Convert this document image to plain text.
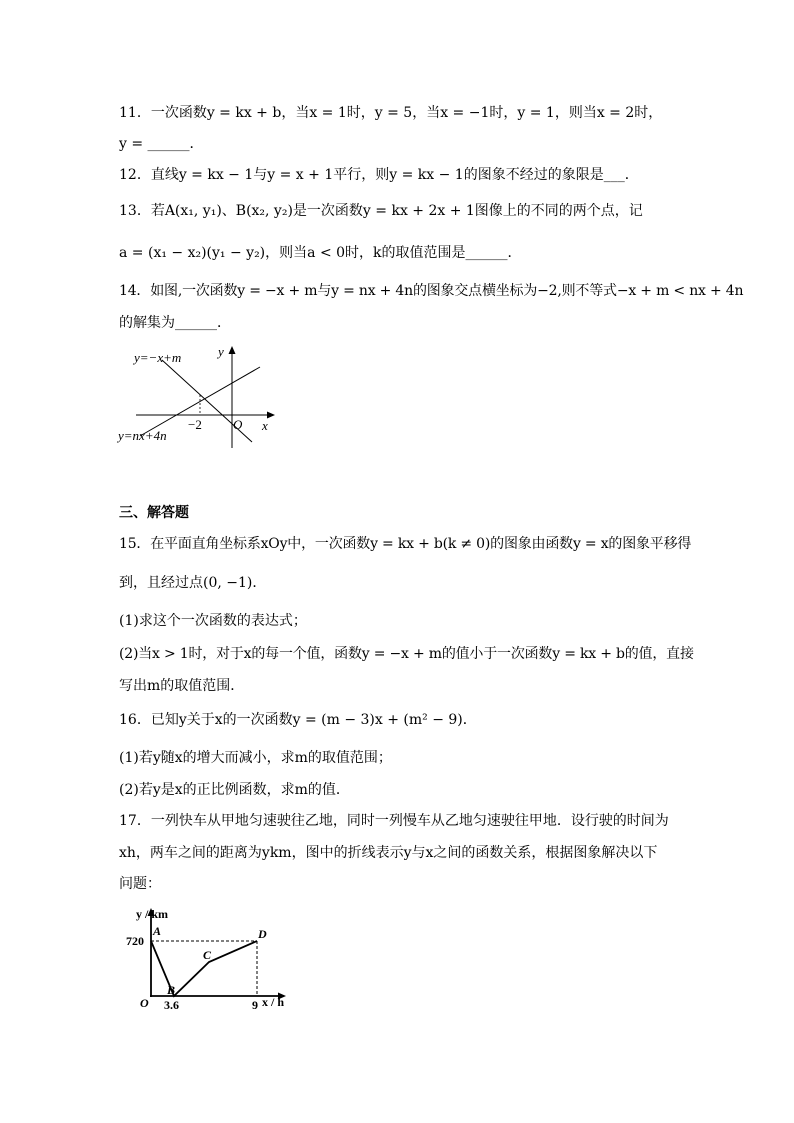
11．一次函数y = kx + b，当x = 1时，y = 5，当x = −1时，y = 1，则当x = 2时，
y = ______．
12．直线y = kx − 1与y = x + 1平行，则y = kx − 1的图象不经过的象限是___．
13．若A(x₁, y₁)、B(x₂, y₂)是一次函数y = kx + 2x + 1图像上的不同的两个点，记
a = (x₁ − x₂)(y₁ − y₂)，则当a < 0时，k的取值范围是______．
14．如图,一次函数y = −x + m与y = nx + 4n的图象交点横坐标为−2,则不等式−x + m < nx + 4n
的解集为______．
y=−x+m
y=nx+4n
y
x
O
−2
三、解答题
15．在平面直角坐标系xOy中，一次函数y = kx + b(k ≠ 0)的图象由函数y = x的图象平移得
到，且经过点(0, −1)．
(1)求这个一次函数的表达式；
(2)当x > 1时，对于x的每一个值，函数y = −x + m的值小于一次函数y = kx + b的值，直接
写出m的取值范围．
16．已知y关于x的一次函数y = (m − 3)x + (m² − 9)．
(1)若y随x的增大而减小，求m的取值范围；
(2)若y是x的正比例函数，求m的值．
17．一列快车从甲地匀速驶往乙地，同时一列慢车从乙地匀速驶往甲地．设行驶的时间为
xh，两车之间的距离为ykm，图中的折线表示y与x之间的函数关系，根据图象解决以下
问题：
y / km
x / h
O
720
3.6	9
A
B
C
D
